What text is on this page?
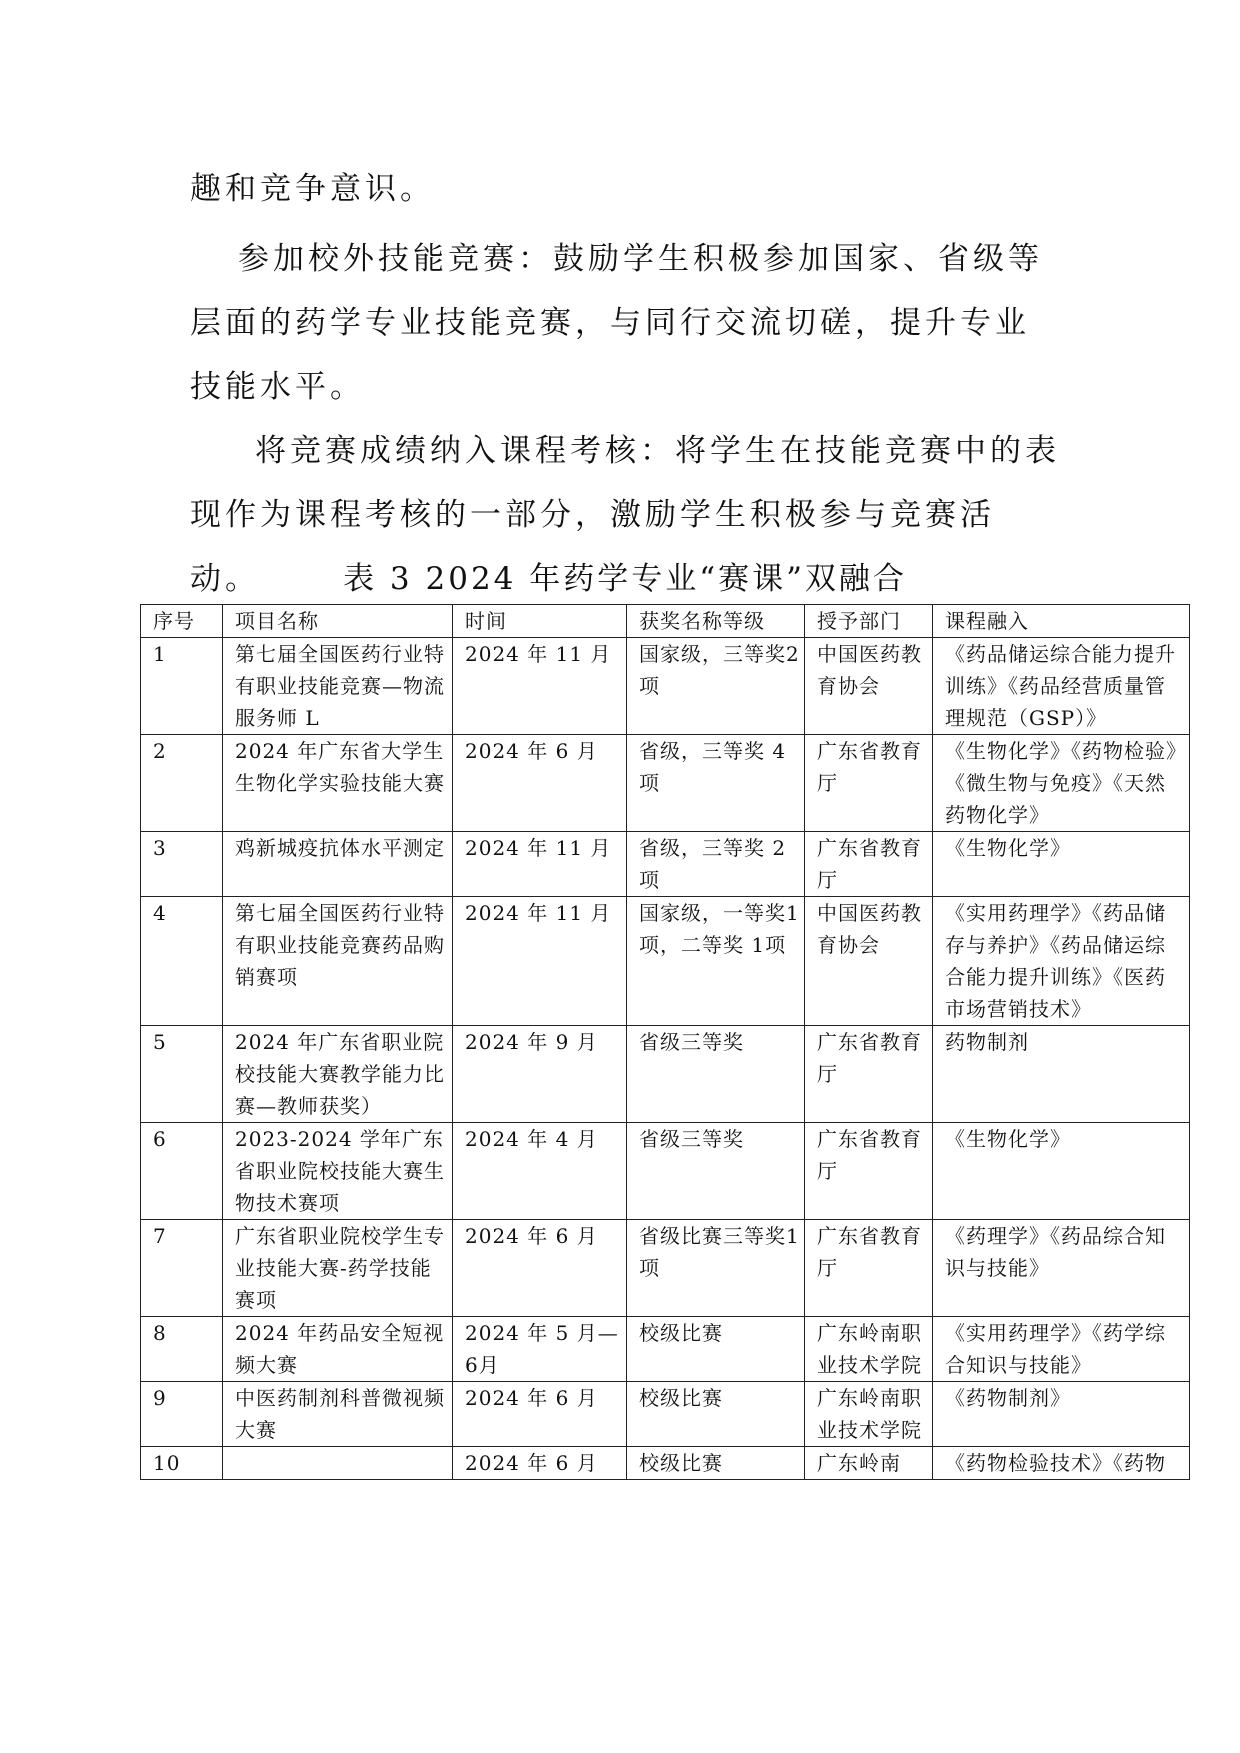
趣和竞争意识。

参加校外技能竞赛：鼓励学生积极参加国家、省级等层面的药学专业技能竞赛，与同行交流切磋，提升专业技能水平。

将竞赛成绩纳入课程考核：将学生在技能竞赛中的表现作为课程考核的一部分，激励学生积极参与竞赛活动。	表 3 2024 年药学专业“赛课”双融合

序号	项目名称	时间	获奖名称等级	授予部门	课程融入
1	第七届全国医药行业特有职业技能竞赛—物流服务师 L	2024 年 11 月	国家级，三等奖2 项	中国医药教育协会	《药品储运综合能力提升训练》《药品经营质量管理规范（GSP）》
2	2024 年广东省大学生生物化学实验技能大赛	2024 年 6 月	省级，三等奖 4项	广东省教育厅	《生物化学》《药物检验》《微生物与免疫》《天然药物化学》
3	鸡新城疫抗体水平测定	2024 年 11 月	省级，三等奖 2项	广东省教育厅	《生物化学》
4	第七届全国医药行业特有职业技能竞赛药品购销赛项	2024 年 11 月	国家级，一等奖1 项，二等奖 1项	中国医药教育协会	《实用药理学》《药品储存与养护》《药品储运综合能力提升训练》《医药市场营销技术》
5	2024 年广东省职业院校技能大赛教学能力比赛—教师获奖）	2024 年 9 月	省级三等奖	广东省教育厅	药物制剂
6	2023-2024 学年广东省职业院校技能大赛生物技术赛项	2024 年 4 月	省级三等奖	广东省教育厅	《生物化学》
7	广东省职业院校学生专业技能大赛-药学技能赛项	2024 年 6 月	省级比赛三等奖1 项	广东省教育厅	《药理学》《药品综合知识与技能》
8	2024 年药品安全短视频大赛	2024 年 5 月—6月	校级比赛	广东岭南职业技术学院	《实用药理学》《药学综合知识与技能》
9	中医药制剂科普微视频大赛	2024 年 6 月	校级比赛	广东岭南职业技术学院	《药物制剂》
10		2024 年 6 月	校级比赛	广东岭南	《药物检验技术》《药物
